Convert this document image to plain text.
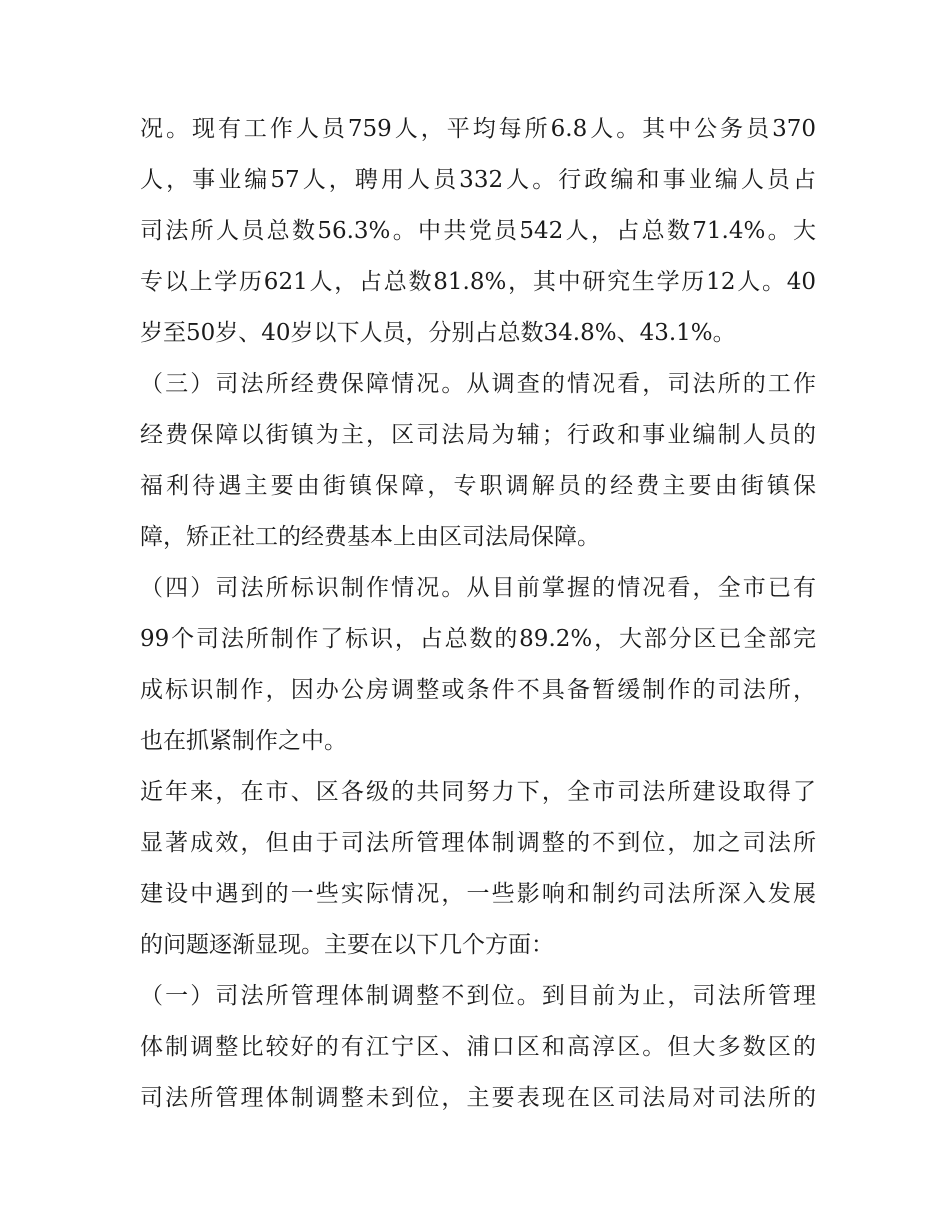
况。现有工作人员759人，平均每所6.8人。其中公务员370
人，事业编57人，聘用人员332人。行政编和事业编人员占
司法所人员总数56.3%。中共党员542人，占总数71.4%。大
专以上学历621人，占总数81.8%，其中研究生学历12人。40
岁至50岁、40岁以下人员，分别占总数34.8%、43.1%。
（三）司法所经费保障情况。从调查的情况看，司法所的工作
经费保障以街镇为主，区司法局为辅；行政和事业编制人员的
福利待遇主要由街镇保障，专职调解员的经费主要由街镇保
障，矫正社工的经费基本上由区司法局保障。
（四）司法所标识制作情况。从目前掌握的情况看，全市已有
99个司法所制作了标识，占总数的89.2%，大部分区已全部完
成标识制作，因办公房调整或条件不具备暂缓制作的司法所，
也在抓紧制作之中。
近年来，在市、区各级的共同努力下，全市司法所建设取得了
显著成效，但由于司法所管理体制调整的不到位，加之司法所
建设中遇到的一些实际情况，一些影响和制约司法所深入发展
的问题逐渐显现。主要在以下几个方面：
（一）司法所管理体制调整不到位。到目前为止，司法所管理
体制调整比较好的有江宁区、浦口区和高淳区。但大多数区的
司法所管理体制调整未到位，主要表现在区司法局对司法所的
